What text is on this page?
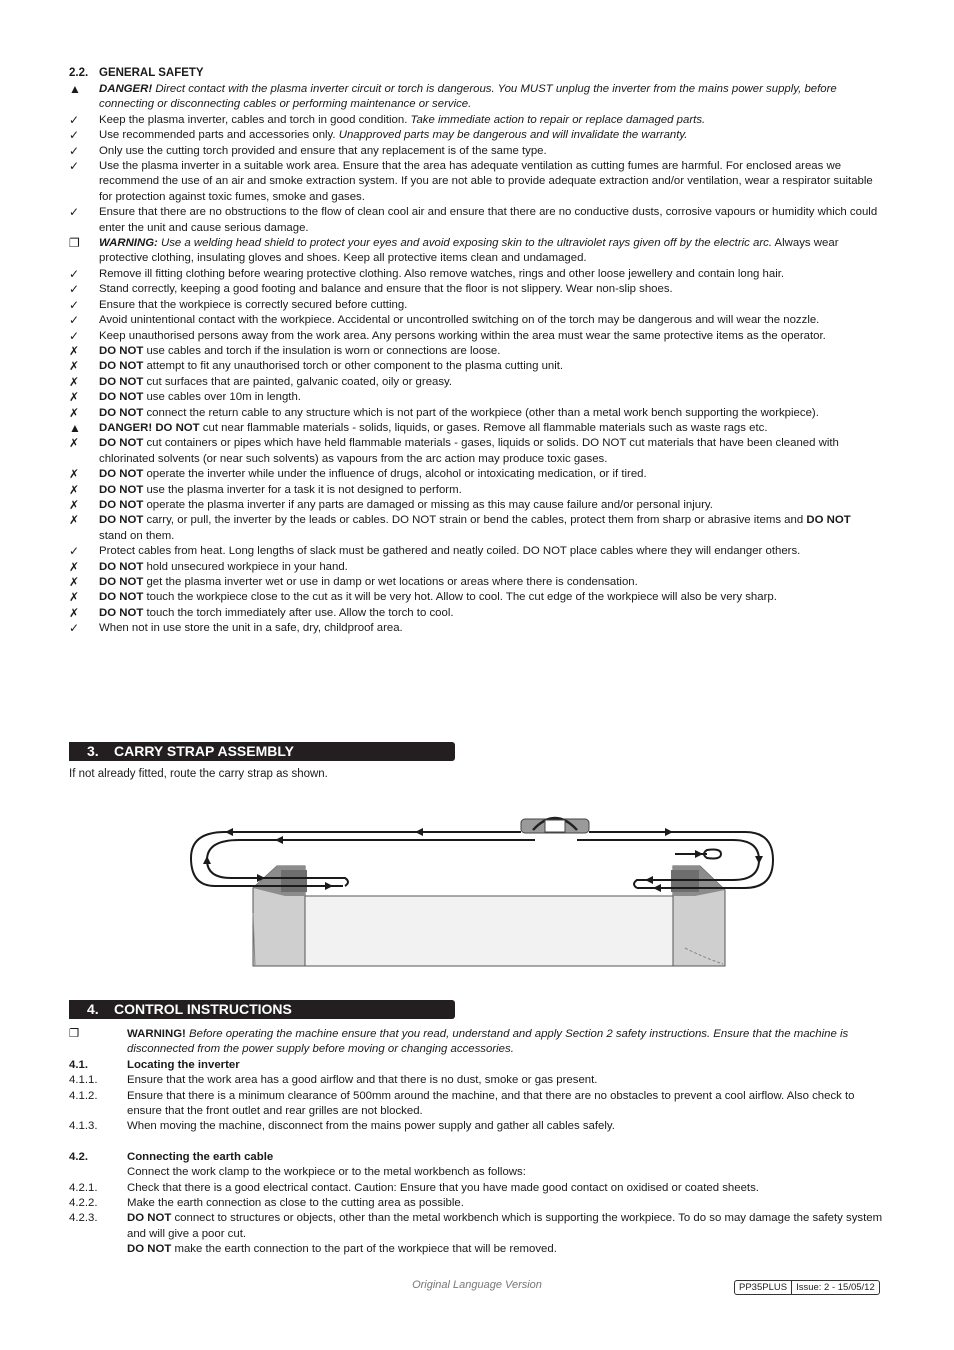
2.2. GENERAL SAFETY
▲	DANGER! Direct contact with the plasma inverter circuit or torch is dangerous. You MUST unplug the inverter from the mains power supply, before connecting or disconnecting cables or performing maintenance or service.
✓	Keep the plasma inverter, cables and torch in good condition. Take immediate action to repair or replace damaged parts.
✓	Use recommended parts and accessories only. Unapproved parts may be dangerous and will invalidate the warranty.
✓	Only use the cutting torch provided and ensure that any replacement is of the same type.
✓	Use the plasma inverter in a suitable work area. Ensure that the area has adequate ventilation as cutting fumes are harmful. For enclosed areas we recommend the use of an air and smoke extraction system. If you are not able to provide adequate extraction and/or ventilation, wear a respirator suitable for protection against toxic fumes, smoke and gases.
✓	Ensure that there are no obstructions to the flow of clean cool air and ensure that there are no conductive dusts, corrosive vapours or humidity which could enter the unit and cause serious damage.
❐	WARNING: Use a welding head shield to protect your eyes and avoid exposing skin to the ultraviolet rays given off by the electric arc. Always wear protective clothing, insulating gloves and shoes. Keep all protective items clean and undamaged.
✓	Remove ill fitting clothing before wearing protective clothing. Also remove watches, rings and other loose jewellery and contain long hair.
✓	Stand correctly, keeping a good footing and balance and ensure that the floor is not slippery. Wear non-slip shoes.
✓	Ensure that the workpiece is correctly secured before cutting.
✓	Avoid unintentional contact with the workpiece. Accidental or uncontrolled switching on of the torch may be dangerous and will wear the nozzle.
✓	Keep unauthorised persons away from the work area. Any persons working within the area must wear the same protective items as the operator.
✗	DO NOT use cables and torch if the insulation is worn or connections are loose.
✗	DO NOT attempt to fit any unauthorised torch or other component to the plasma cutting unit.
✗	DO NOT cut surfaces that are painted, galvanic coated, oily or greasy.
✗	DO NOT use cables over 10m in length.
✗	DO NOT connect the return cable to any structure which is not part of the workpiece (other than a metal work bench supporting the workpiece).
▲	DANGER! DO NOT cut near flammable materials - solids, liquids, or gases. Remove all flammable materials such as waste rags etc.
✗	DO NOT cut containers or pipes which have held flammable materials - gases, liquids or solids. DO NOT cut materials that have been cleaned with chlorinated solvents (or near such solvents) as vapours from the arc action may produce toxic gases.
✗	DO NOT operate the inverter while under the influence of drugs, alcohol or intoxicating medication, or if tired.
✗	DO NOT use the plasma inverter for a task it is not designed to perform.
✗	DO NOT operate the plasma inverter if any parts are damaged or missing as this may cause failure and/or personal injury.
✗	DO NOT carry, or pull, the inverter by the leads or cables. DO NOT strain or bend the cables, protect them from sharp or abrasive items and DO NOT stand on them.
✓	Protect cables from heat. Long lengths of slack must be gathered and neatly coiled. DO NOT place cables where they will endanger others.
✗	DO NOT hold unsecured workpiece in your hand.
✗	DO NOT get the plasma inverter wet or use in damp or wet locations or areas where there is condensation.
✗	DO NOT touch the workpiece close to the cut as it will be very hot. Allow to cool. The cut edge of the workpiece will also be very sharp.
✗	DO NOT touch the torch immediately after use. Allow the torch to cool.
✓	When not in use store the unit in a safe, dry, childproof area.
3. CARRY STRAP ASSEMBLY
If not already fitted, route the carry strap as shown.
4. CONTROL INSTRUCTIONS
❐	WARNING! Before operating the machine ensure that you read, understand and apply Section 2 safety instructions. Ensure that the machine is disconnected from the power supply before moving or changing accessories.
4.1.	Locating the inverter
4.1.1.	Ensure that the work area has a good airflow and that there is no dust, smoke or gas present.
4.1.2.	Ensure that there is a minimum clearance of 500mm around the machine, and that there are no obstacles to prevent a cool airflow. Also check to ensure that the front outlet and rear grilles are not blocked.
4.1.3.	When moving the machine, disconnect from the mains power supply and gather all cables safely.
4.2.	Connecting the earth cable
Connect the work clamp to the workpiece or to the metal workbench as follows:
4.2.1.	Check that there is a good electrical contact. Caution: Ensure that you have made good contact on oxidised or coated sheets.
4.2.2.	Make the earth connection as close to the cutting area as possible.
4.2.3.	DO NOT connect to structures or objects, other than the metal workbench which is supporting the workpiece. To do so may damage the safety system and will give a poor cut.
DO NOT make the earth connection to the part of the workpiece that will be removed.
Original Language Version	PP35PLUS Issue: 2 - 15/05/12
